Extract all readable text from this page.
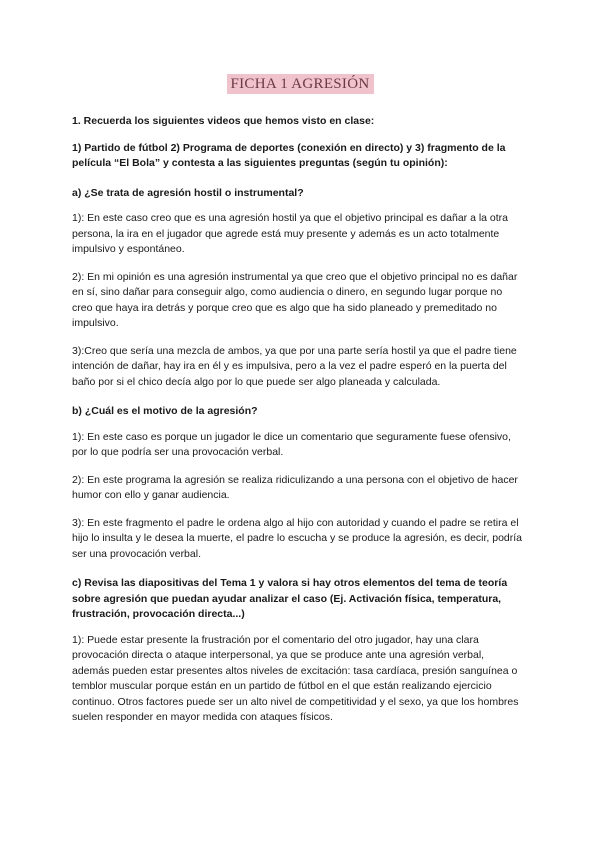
FICHA 1 AGRESIÓN

1. Recuerda los siguientes videos que hemos visto en clase:

1) Partido de fútbol 2) Programa de deportes (conexión en directo) y 3) fragmento de la película “El Bola” y contesta a las siguientes preguntas (según tu opinión):

a) ¿Se trata de agresión hostil o instrumental?

1): En este caso creo que es una agresión hostil ya que el objetivo principal es dañar a la otra persona, la ira en el jugador que agrede está muy presente y además es un acto totalmente impulsivo y espontáneo.

2): En mi opinión es una agresión instrumental ya que creo que el objetivo principal no es dañar en sí, sino dañar para conseguir algo, como audiencia o dinero, en segundo lugar porque no creo que haya ira detrás y porque creo que es algo que ha sido planeado y premeditado no impulsivo.

3):Creo que sería una mezcla de ambos, ya que por una parte sería hostil ya que el padre tiene intención de dañar, hay ira en él y es impulsiva, pero a la vez el padre esperó en la puerta del baño por si el chico decía algo por lo que puede ser algo planeada y calculada.

b) ¿Cuál es el motivo de la agresión?

1): En este caso es porque un jugador le dice un comentario que seguramente fuese ofensivo, por lo que podría ser una provocación verbal.

2): En este programa la agresión se realiza ridiculizando a una persona con el objetivo de hacer humor con ello y ganar audiencia.

3): En este fragmento el padre le ordena algo al hijo con autoridad y cuando el padre se retira el hijo lo insulta y le desea la muerte, el padre lo escucha y se produce la agresión, es decir, podría ser una provocación verbal.

c) Revisa las diapositivas del Tema 1 y valora si hay otros elementos del tema de teoría sobre agresión que puedan ayudar analizar el caso (Ej. Activación física, temperatura, frustración, provocación directa...)

1): Puede estar presente la frustración por el comentario del otro jugador, hay una clara provocación directa o ataque interpersonal, ya que se produce ante una agresión verbal, además pueden estar presentes altos niveles de excitación: tasa cardíaca, presión sanguínea o temblor muscular porque están en un partido de fútbol en el que están realizando ejercicio continuo. Otros factores puede ser un alto nivel de competitividad y el sexo, ya que los hombres suelen responder en mayor medida con ataques físicos.
